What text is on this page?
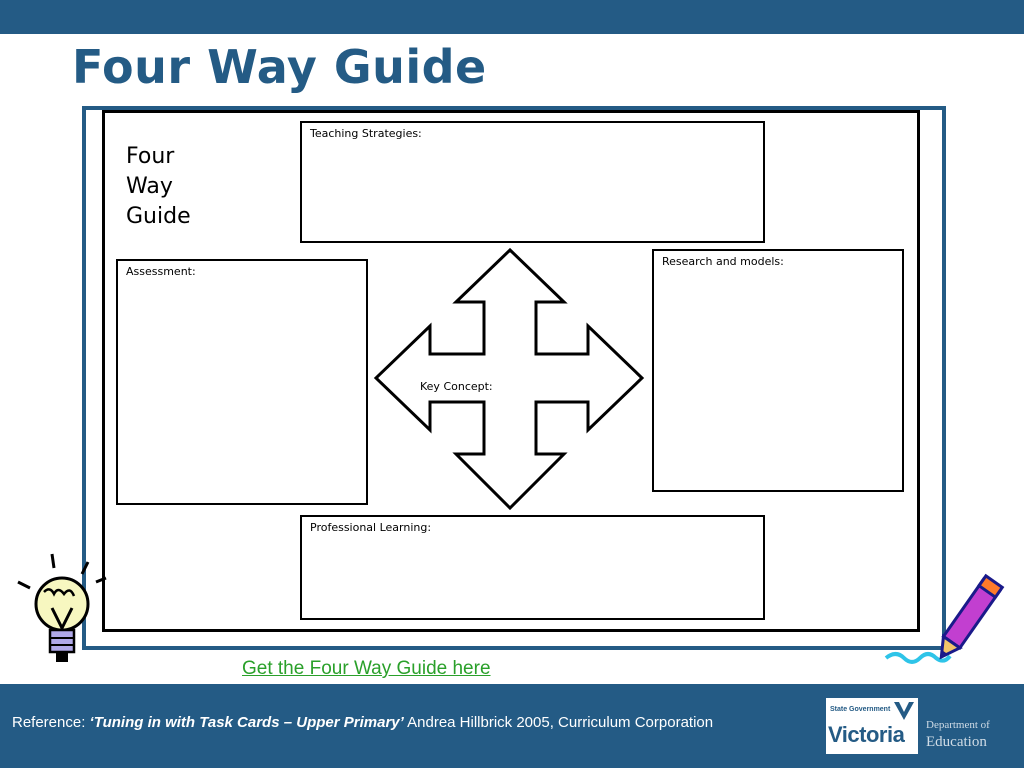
Four Way Guide
Four
Way
Guide
Teaching Strategies:
Assessment:
Research and models:
Professional Learning:
Key Concept:
Get the Four Way Guide here
Reference: ‘Tuning in with Task Cards – Upper Primary’ Andrea Hillbrick 2005, Curriculum Corporation
State Government
Victoria Department of
Education
